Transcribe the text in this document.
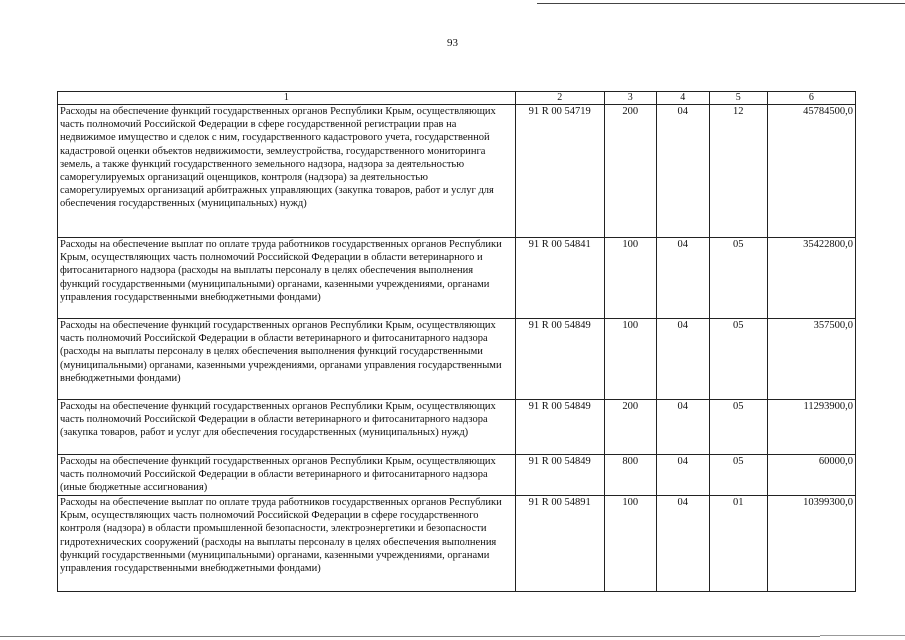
93
1	2	3	4	5	6
Расходы на обеспечение функций государственных органов Республики Крым, осуществляющих часть полномочий Российской Федерации в сфере государственной регистрации прав на недвижимое имущество и сделок с ним, государственного кадастрового учета, государственной кадастровой оценки объектов недвижимости, землеустройства, государственного мониторинга земель, а также функций государственного земельного надзора, надзора за деятельностью саморегулируемых организаций оценщиков, контроля (надзора) за деятельностью саморегулируемых организаций арбитражных управляющих (закупка товаров, работ и услуг для обеспечения государственных (муниципальных) нужд)	91 R 00 54719	200	04	12	45784500,0
Расходы на обеспечение выплат по оплате труда работников государственных органов Республики Крым, осуществляющих часть полномочий Российской Федерации в области ветеринарного и фитосанитарного надзора (расходы на выплаты персоналу в целях обеспечения выполнения функций государственными (муниципальными) органами, казенными учреждениями, органами управления государственными внебюджетными фондами)	91 R 00 54841	100	04	05	35422800,0
Расходы на обеспечение функций государственных органов Республики Крым, осуществляющих часть полномочий Российской Федерации в области ветеринарного и фитосанитарного надзора (расходы на выплаты персоналу в целях обеспечения выполнения функций государственными (муниципальными) органами, казенными учреждениями, органами управления государственными внебюджетными фондами)	91 R 00 54849	100	04	05	357500,0
Расходы на обеспечение функций государственных органов Республики Крым, осуществляющих часть полномочий Российской Федерации в области ветеринарного и фитосанитарного надзора (закупка товаров, работ и услуг для обеспечения государственных (муниципальных) нужд)	91 R 00 54849	200	04	05	11293900,0
Расходы на обеспечение функций государственных органов Республики Крым, осуществляющих часть полномочий Российской Федерации в области ветеринарного и фитосанитарного надзора (иные бюджетные ассигнования)	91 R 00 54849	800	04	05	60000,0
Расходы на обеспечение выплат по оплате труда работников государственных органов Республики Крым, осуществляющих часть полномочий Российской Федерации в сфере государственного контроля (надзора) в области промышленной безопасности, электроэнергетики и безопасности гидротехнических сооружений (расходы на выплаты персоналу в целях обеспечения выполнения функций государственными (муниципальными) органами, казенными учреждениями, органами управления государственными внебюджетными фондами)	91 R 00 54891	100	04	01	10399300,0
